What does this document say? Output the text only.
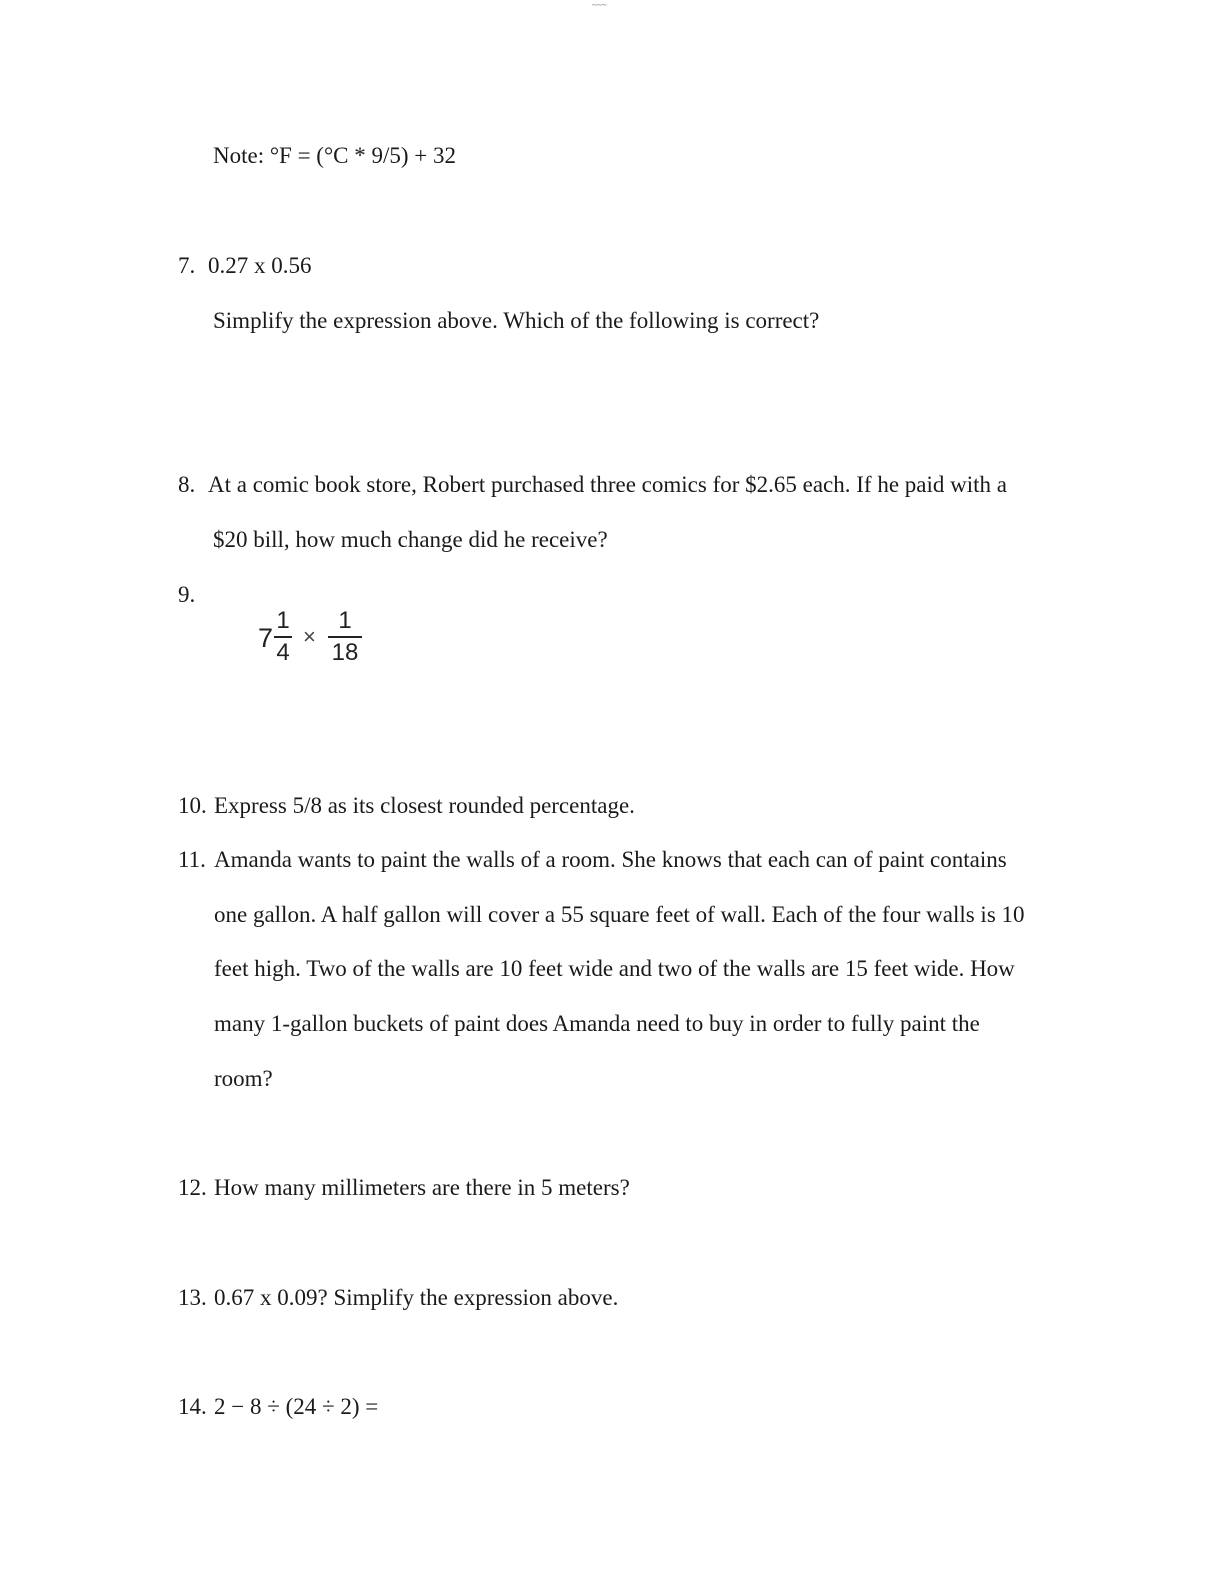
~~~
Note: °F = (°C * 9/5) + 32
7. 0.27 x 0.56
Simplify the expression above. Which of the following is correct?
8. At a comic book store, Robert purchased three comics for $2.65 each. If he paid with a
$20 bill, how much change did he receive?
9.
7
1
4
×
1
18
10. Express 5/8 as its closest rounded percentage.
11. Amanda wants to paint the walls of a room. She knows that each can of paint contains
one gallon. A half gallon will cover a 55 square feet of wall. Each of the four walls is 10
feet high. Two of the walls are 10 feet wide and two of the walls are 15 feet wide. How
many 1-gallon buckets of paint does Amanda need to buy in order to fully paint the
room?
12. How many millimeters are there in 5 meters?
13. 0.67 x 0.09? Simplify the expression above.
14. 2 − 8 ÷ (24 ÷ 2) =
